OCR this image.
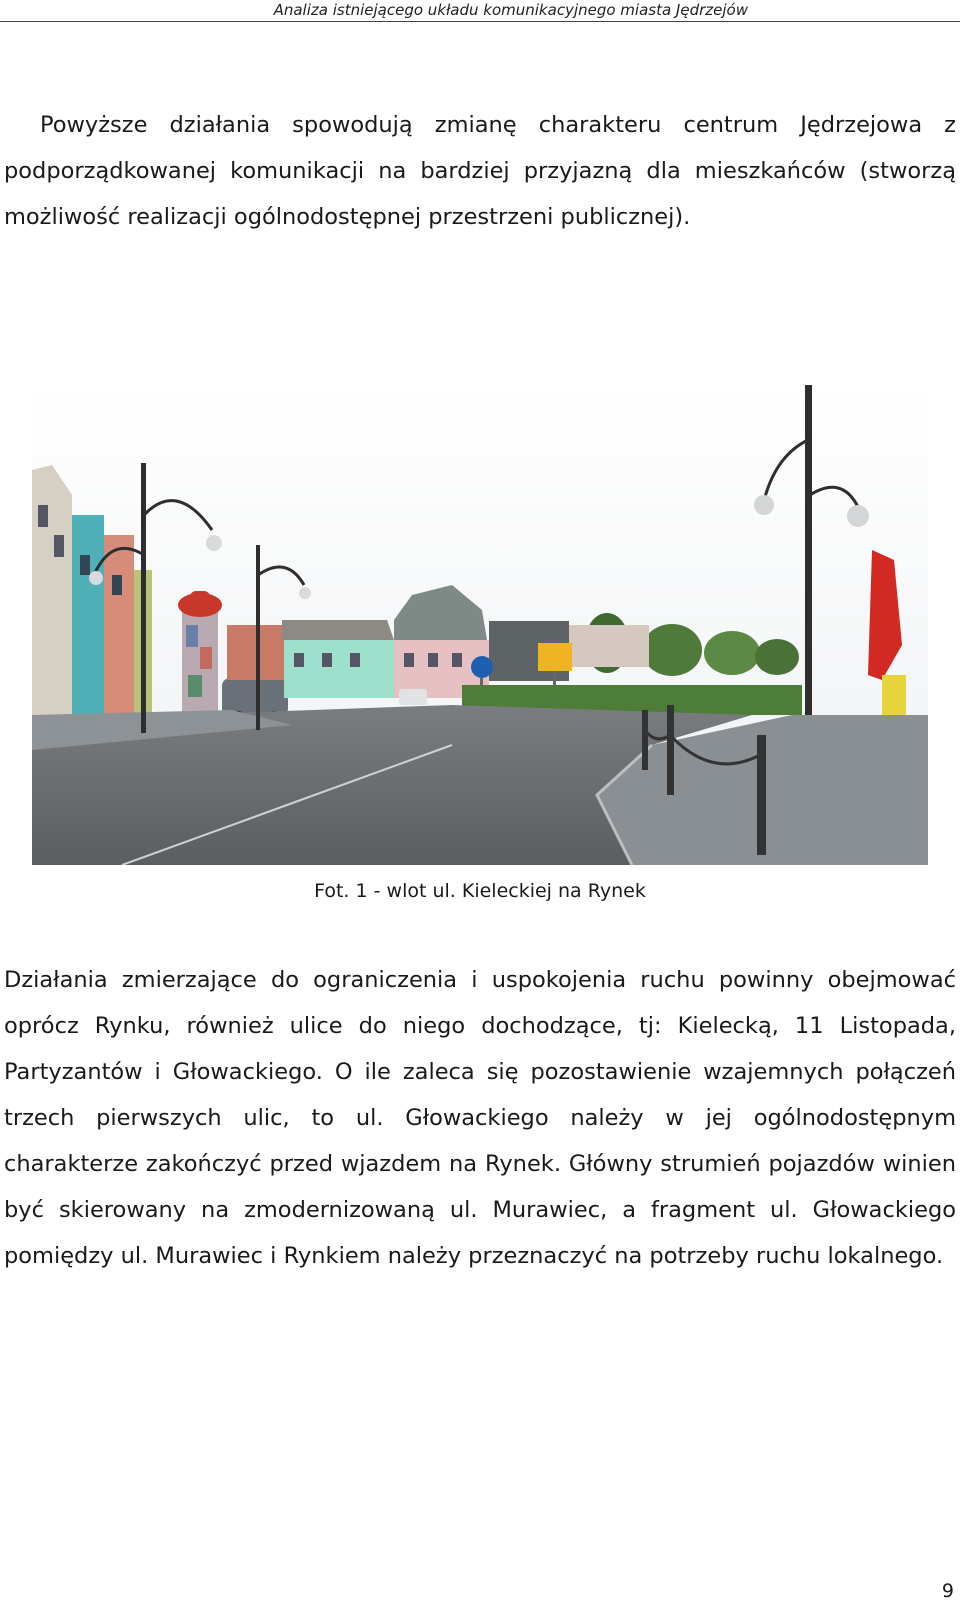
Analiza istniejącego układu komunikacyjnego miasta Jędrzejów

Powyższe działania spowodują zmianę charakteru centrum Jędrzejowa z podporządkowanej komunikacji na bardziej przyjazną dla mieszkańców (stworzą możliwość realizacji ogólnodostępnej przestrzeni publicznej).

Fot. 1 - wlot ul. Kieleckiej na Rynek

Działania zmierzające do ograniczenia i uspokojenia ruchu powinny obejmować oprócz Rynku, również ulice do niego dochodzące, tj: Kielecką, 11 Listopada, Partyzantów i Głowackiego. O ile zaleca się pozostawienie wzajemnych połączeń trzech pierwszych ulic, to ul. Głowackiego należy w jej ogólnodostępnym charakterze zakończyć przed wjazdem na Rynek. Główny strumień pojazdów winien być skierowany na zmodernizowaną ul. Murawiec, a fragment ul. Głowackiego pomiędzy ul. Murawiec i Rynkiem należy przeznaczyć na potrzeby ruchu lokalnego.

9
